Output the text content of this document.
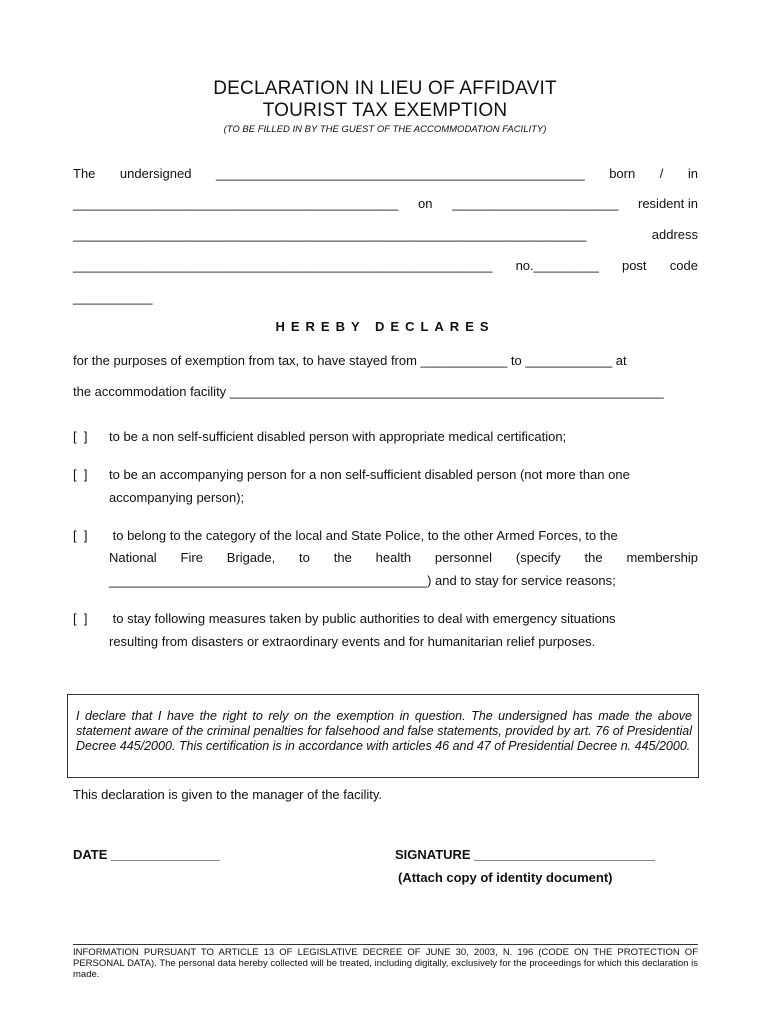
DECLARATION IN LIEU OF AFFIDAVIT
TOURIST TAX EXEMPTION
(TO BE FILLED IN BY THE GUEST OF THE ACCOMMODATION FACILITY)
The undersigned ___________________________________________________ born / in
_____________________________________________ on _______________________ resident in
_______________________________________________________________________	address
__________________________________________________________ no._________ post code
___________
HEREBY DECLARES
for the purposes of exemption from tax, to have stayed from ____________ to ____________ at
the accommodation facility ____________________________________________________________
[  ] to be a non self-sufficient disabled person with appropriate medical certification;
[  ] to be an accompanying person for a non self-sufficient disabled person (not more than one
accompanying person);
[  ] to belong to the category of the local and State Police, to the other Armed Forces, to the
National Fire Brigade, to the health personnel (specify the membership
____________________________________________) and to stay for service reasons;
[  ] to stay following measures taken by public authorities to deal with emergency situations
resulting from disasters or extraordinary events and for humanitarian relief purposes.
I declare that I have the right to rely on the exemption in question. The undersigned has made the above statement aware of the criminal penalties for falsehood and false statements, provided by art. 76 of Presidential Decree 445/2000. This certification is in accordance with articles 46 and 47 of Presidential Decree n. 445/2000.
This declaration is given to the manager of the facility.
DATE _______________	SIGNATURE _________________________
(Attach copy of identity document)
INFORMATION PURSUANT TO ARTICLE 13 OF LEGISLATIVE DECREE OF JUNE 30, 2003, N. 196 (CODE ON THE PROTECTION OF PERSONAL DATA). The personal data hereby collected will be treated, including digitally, exclusively for the proceedings for which this declaration is made.
